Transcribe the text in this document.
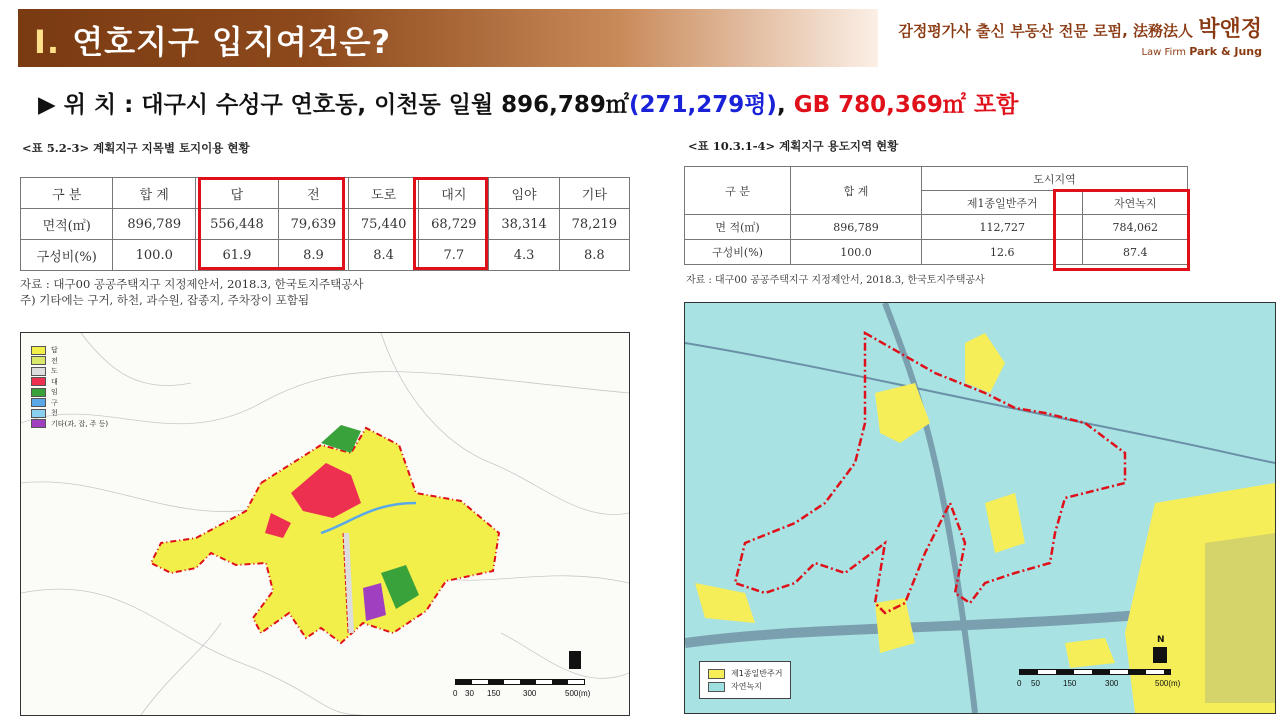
Ⅰ. 연호지구 입지여건은?	감정평가사 출신 부동산 전문 로펌, 法務法人 박앤정
Law Firm Park & Jung
▶ 위 치 : 대구시 수성구 연호동, 이천동 일월 896,789㎡(271,279평), GB 780,369㎡ 포함
<표 5.2-3> 계획지구 지목별 토지이용 현황
구 분	합 계	답	전	도로	대지	임야	기타
면적(㎡)	896,789	556,448	79,639	75,440	68,729	38,314	78,219
구성비(%)	100.0	61.9	8.9	8.4	7.7	4.3	8.8
자료 : 대구00 공공주택지구 지정제안서, 2018.3, 한국토지주택공사
주) 기타에는 구거, 하천, 과수원, 잡종지, 주차장이 포함됨
<표 10.3.1-4> 계획지구 용도지역 현황
구 분	합 계	도시지역	
		제1종일반주거	자연녹지
면 적(㎡)	896,789	112,727	784,062
구성비(%)	100.0	12.6	87.4
자료 : 대구00 공공주택지구 지정제안서, 2018.3, 한국토지주택공사
답
전
도
대
임
구
천
기타(과, 잡, 주 등)
0 30 150	300	500(m)
제1종일반주거
자연녹지	0 50	150	300	500(m)
N
